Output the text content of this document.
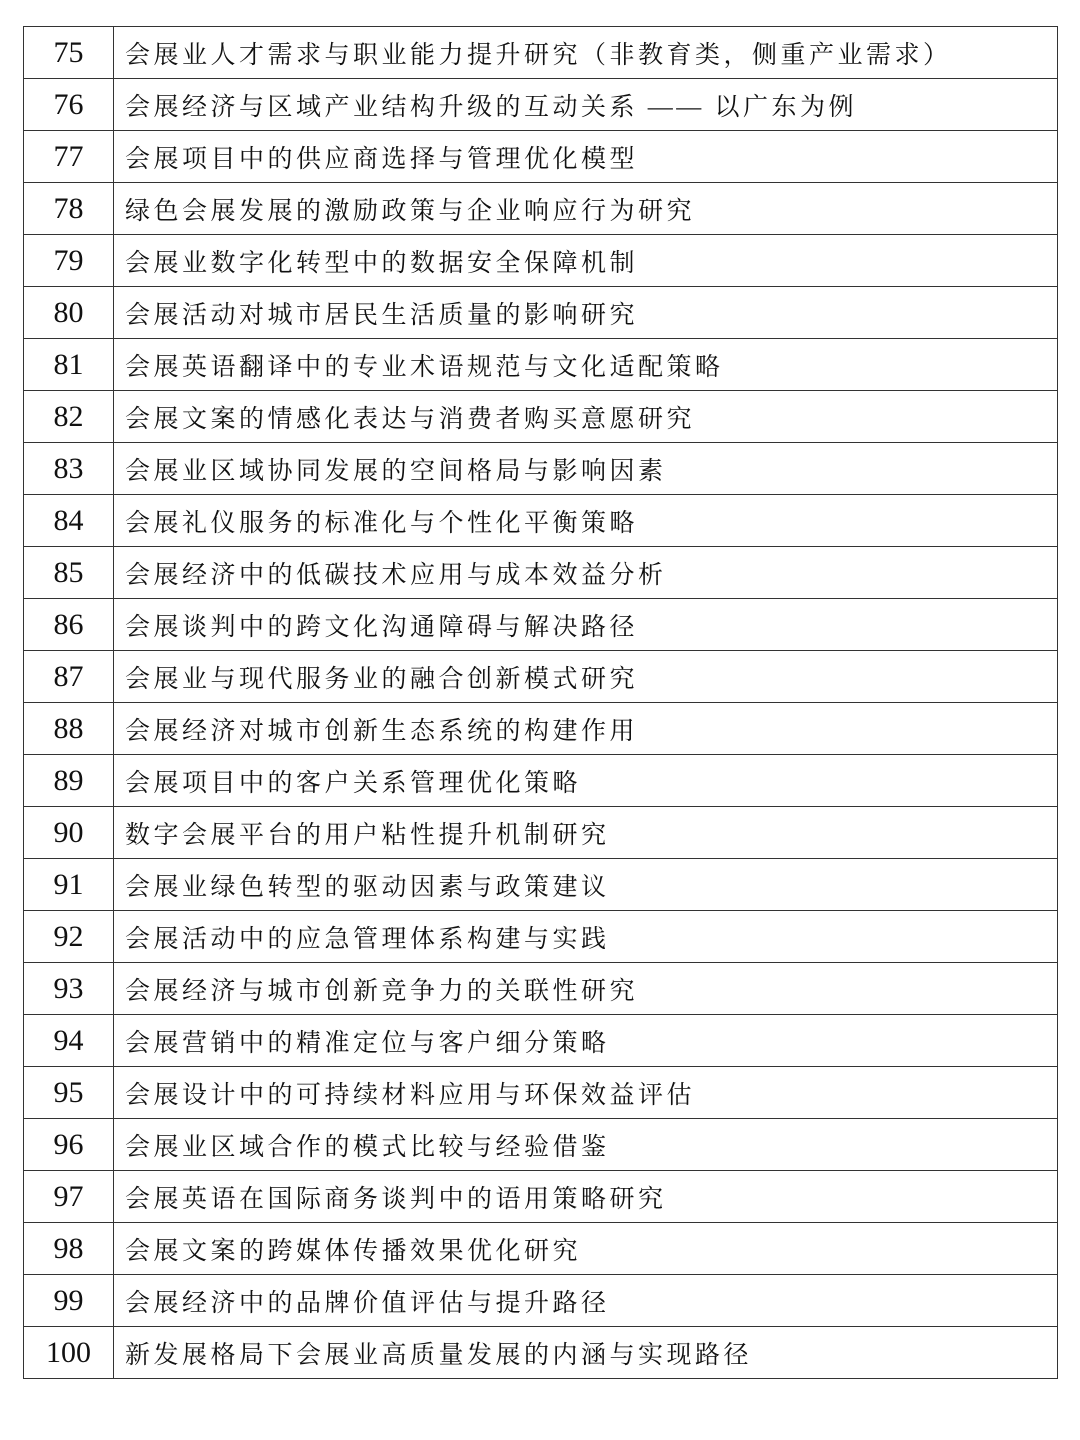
75	会展业人才需求与职业能力提升研究（非教育类，侧重产业需求）
76	会展经济与区域产业结构升级的互动关系 —— 以广东为例
77	会展项目中的供应商选择与管理优化模型
78	绿色会展发展的激励政策与企业响应行为研究
79	会展业数字化转型中的数据安全保障机制
80	会展活动对城市居民生活质量的影响研究
81	会展英语翻译中的专业术语规范与文化适配策略
82	会展文案的情感化表达与消费者购买意愿研究
83	会展业区域协同发展的空间格局与影响因素
84	会展礼仪服务的标准化与个性化平衡策略
85	会展经济中的低碳技术应用与成本效益分析
86	会展谈判中的跨文化沟通障碍与解决路径
87	会展业与现代服务业的融合创新模式研究
88	会展经济对城市创新生态系统的构建作用
89	会展项目中的客户关系管理优化策略
90	数字会展平台的用户粘性提升机制研究
91	会展业绿色转型的驱动因素与政策建议
92	会展活动中的应急管理体系构建与实践
93	会展经济与城市创新竞争力的关联性研究
94	会展营销中的精准定位与客户细分策略
95	会展设计中的可持续材料应用与环保效益评估
96	会展业区域合作的模式比较与经验借鉴
97	会展英语在国际商务谈判中的语用策略研究
98	会展文案的跨媒体传播效果优化研究
99	会展经济中的品牌价值评估与提升路径
100	新发展格局下会展业高质量发展的内涵与实现路径
